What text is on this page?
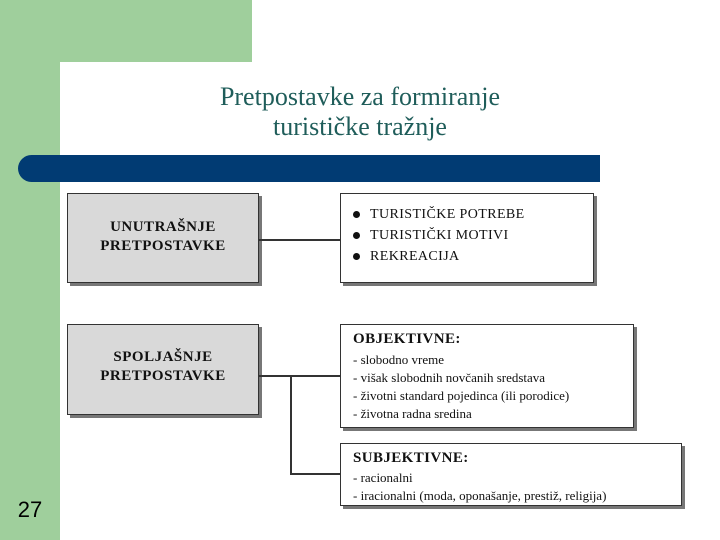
Pretpostavke za formiranje
turističke tražnje
UNUTRAŠNJE
PRETPOSTAVKE
TURISTIČKE POTREBE
TURISTIČKI MOTIVI
REKREACIJA
SPOLJAŠNJE
PRETPOSTAVKE
OBJEKTIVNE:
- slobodno vreme
- višak slobodnih novčanih sredstava
- životni standard pojedinca (ili porodice)
- životna radna sredina
SUBJEKTIVNE:
- racionalni
- iracionalni (moda, oponašanje, prestiž, religija)
27
